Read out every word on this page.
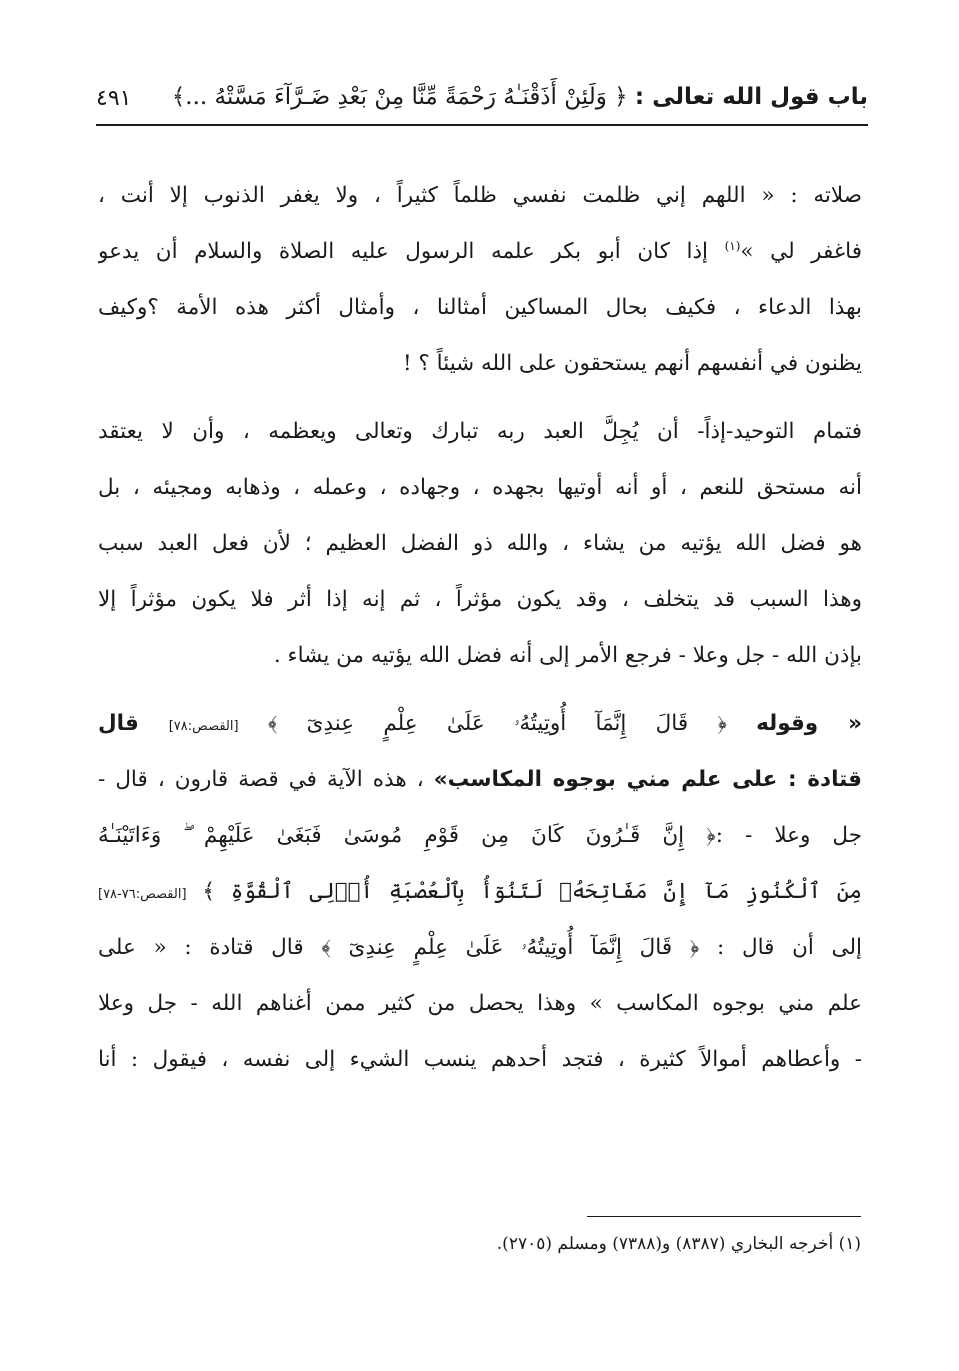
باب قول الله تعالى : ﴿ وَلَئِنْ أَذَقْنَـٰهُ رَحْمَةً مِّنَّا مِنْ بَعْدِ ضَـرَّآءَ مَسَّتْهُ ...﴾
٤٩١
صلاته : « اللهم إني ظلمت نفسي ظلماً كثيراً ، ولا يغفر الذنوب إلا أنت ،
فاغفر لي »$^{(١)}$ إذا كان أبو بكر علمه الرسول عليه الصلاة والسلام أن يدعو
بهذا الدعاء ، فكيف بحال المساكين أمثالنا ، وأمثال أكثر هذه الأمة ؟وكيف
يظنون في أنفسهم أنهم يستحقون على الله شيئاً ؟ !
فتمام التوحيد-إذاً- أن يُجِلَّ العبد ربه تبارك وتعالى ويعظمه ، وأن لا يعتقد
أنه مستحق للنعم ، أو أنه أوتيها بجهده ، وجهاده ، وعمله ، وذهابه ومجيئه ، بل
هو فضل الله يؤتيه من يشاء ، والله ذو الفضل العظيم ؛ لأن فعل العبد سبب
وهذا السبب قد يتخلف ، وقد يكون مؤثراً ، ثم إنه إذا أثر فلا يكون مؤثراً إلا
بإذن الله - جل وعلا - فرجع الأمر إلى أنه فضل الله يؤتيه من يشاء .
« وقوله ﴿ قَالَ إِنَّمَآ أُوتِيتُهُۥ عَلَىٰ عِلْمٍ عِندِىٓ ﴾ [القصص:٧٨] قال
قتادة : على علم مني بوجوه المكاسب» ، هذه الآية في قصة قارون ، قال -
جل وعلا - :﴿ إِنَّ قَـٰرُونَ كَانَ مِن قَوْمِ مُوسَىٰ فَبَغَىٰ عَلَيْهِمْ ۖ وَءَاتَيْنَـٰهُ
مِنَ ٱلْكُنُوزِ مَآ إِنَّ مَفَاتِحَهُۥ لَتَنُوٓأُ بِٱلْعُصْبَةِ أُو۟لِى ٱلْقُوَّةِ ﴾ [القصص:٧٦-٧٨]
إلى أن قال : ﴿ قَالَ إِنَّمَآ أُوتِيتُهُۥ عَلَىٰ عِلْمٍ عِندِىٓ ﴾ قال قتادة : « على
علم مني بوجوه المكاسب » وهذا يحصل من كثير ممن أغناهم الله - جل وعلا
- وأعطاهم أموالاً كثيرة ، فتجد أحدهم ينسب الشيء إلى نفسه ، فيقول : أنا
(١) أخرجه البخاري (٨٣٨٧) و(٧٣٨٨) ومسلم (٢٧٠٥).
